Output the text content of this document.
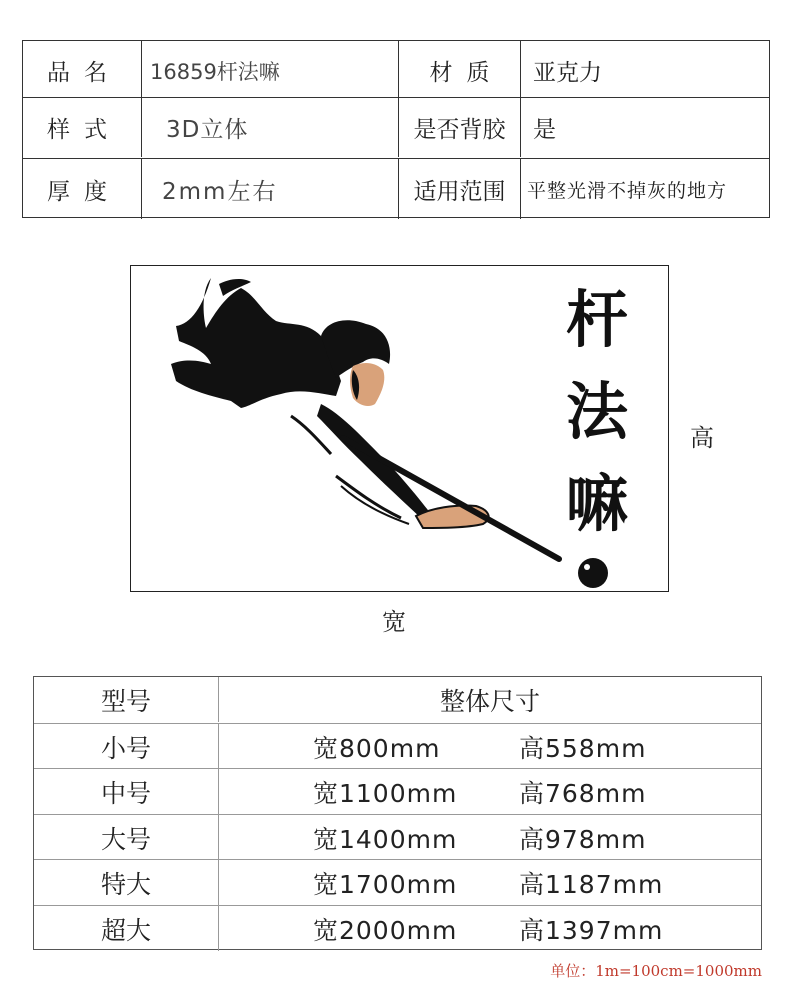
品名	16859杆法嘛	材质	亚克力
样式	3D立体	是否背胶	是
厚度	2mm左右	适用范围	平整光滑不掉灰的地方
杆
法
嘛
高
宽
型号	整体尺寸
小号	宽800mm	高558mm
中号	宽1100mm 高768mm
大号	宽1400mm 高978mm
特大	宽1700mm 高1187mm
超大	宽2000mm 高1397mm
单位：1m=100cm=1000mm
